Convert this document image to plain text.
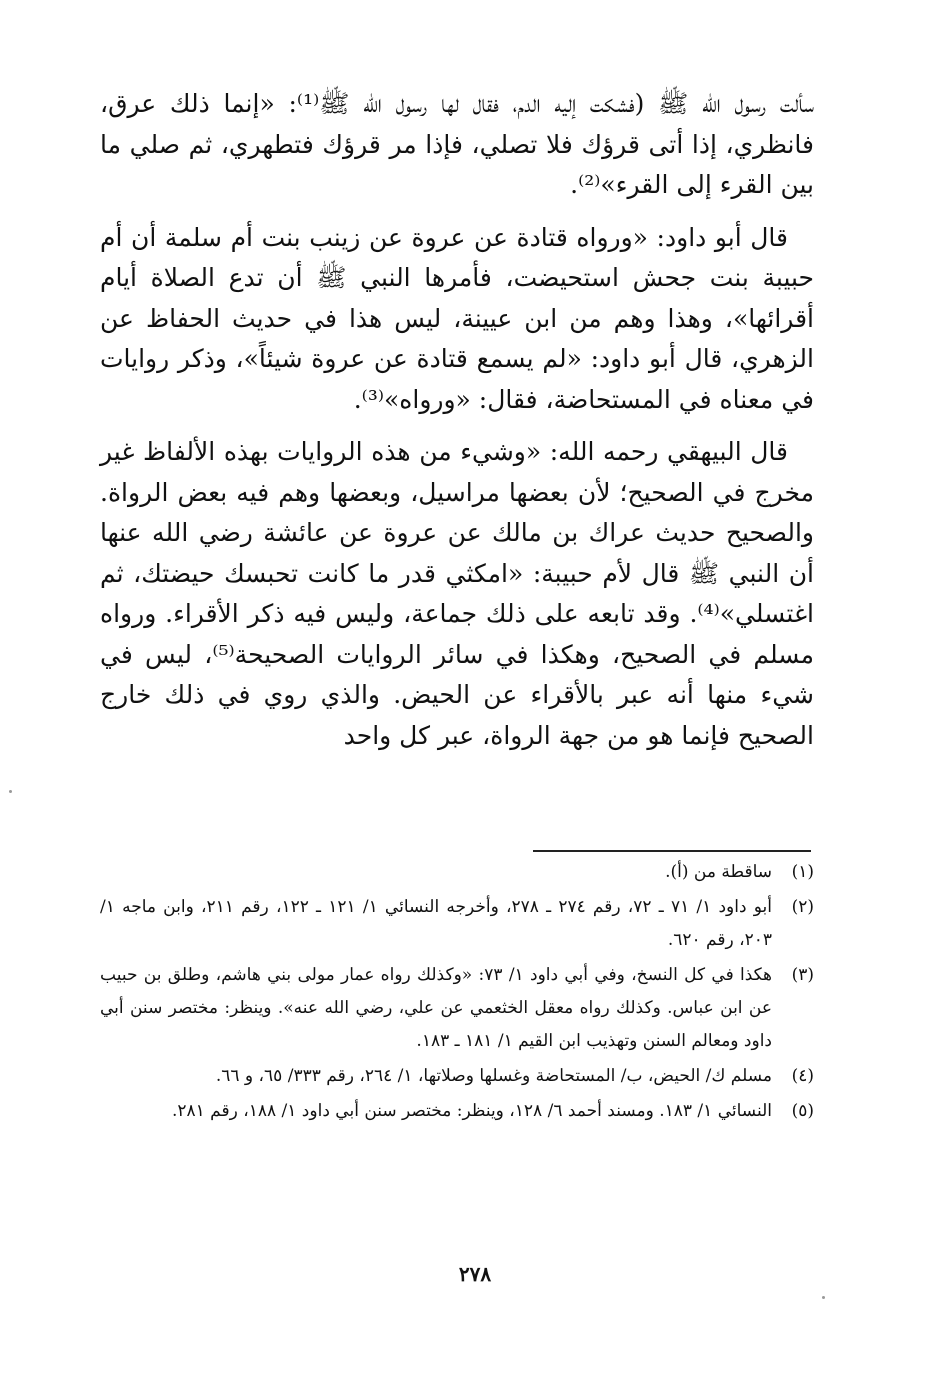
سألت رسول الله ﷺ (فشكت إليه الدم، فقال لها رسول الله ﷺ⁽¹⁾: «إنما ذلك عرق، فانظري، إذا أتى قرؤك فلا تصلي، فإذا مر قرؤك فتطهري، ثم صلي ما بين القرء إلى القرء»⁽²⁾.

قال أبو داود: «ورواه قتادة عن عروة عن زينب بنت أم سلمة أن أم حبيبة بنت جحش استحيضت، فأمرها النبي ﷺ أن تدع الصلاة أيام أقرائها»، وهذا وهم من ابن عيينة، ليس هذا في حديث الحفاظ عن الزهري، قال أبو داود: «لم يسمع قتادة عن عروة شيئاً»، وذكر روايات في معناه في المستحاضة، فقال: «ورواه»⁽³⁾.

قال البيهقي رحمه الله: «وشيء من هذه الروايات بهذه الألفاظ غير مخرج في الصحيح؛ لأن بعضها مراسيل، وبعضها وهم فيه بعض الرواة. والصحيح حديث عراك بن مالك عن عروة عن عائشة رضي الله عنها أن النبي ﷺ قال لأم حبيبة: «امكثي قدر ما كانت تحبسك حيضتك، ثم اغتسلي»⁽⁴⁾. وقد تابعه على ذلك جماعة، وليس فيه ذكر الأقراء. ورواه مسلم في الصحيح، وهكذا في سائر الروايات الصحيحة⁽⁵⁾، ليس في شيء منها أنه عبر بالأقراء عن الحيض. والذي روي في ذلك خارج الصحيح فإنما هو من جهة الرواة، عبر كل واحد

(١)
ساقطة من (أ).
(٢)
أبو داود ١/ ٧١ ـ ٧٢، رقم ٢٧٤ ـ ٢٧٨، وأخرجه النسائي ١/ ١٢١ ـ ١٢٢، رقم ٢١١، وابن ماجه ١/ ٢٠٣، رقم ٦٢٠.
(٣)
هكذا في كل النسخ، وفي أبي داود ١/ ٧٣: «وكذلك رواه عمار مولى بني هاشم، وطلق بن حبيب عن ابن عباس. وكذلك رواه معقل الخثعمي عن علي، رضي الله عنه». وينظر: مختصر سنن أبي داود ومعالم السنن وتهذيب ابن القيم ١/ ١٨١ ـ ١٨٣.
(٤)
مسلم ك/ الحيض، ب/ المستحاضة وغسلها وصلاتها، ١/ ٢٦٤، رقم ٣٣٣/ ٦٥، و ٦٦.
(٥)
النسائي ١/ ١٨٣. ومسند أحمد ٦/ ١٢٨، وينظر: مختصر سنن أبي داود ١/ ١٨٨، رقم ٢٨١.
٢٧٨
